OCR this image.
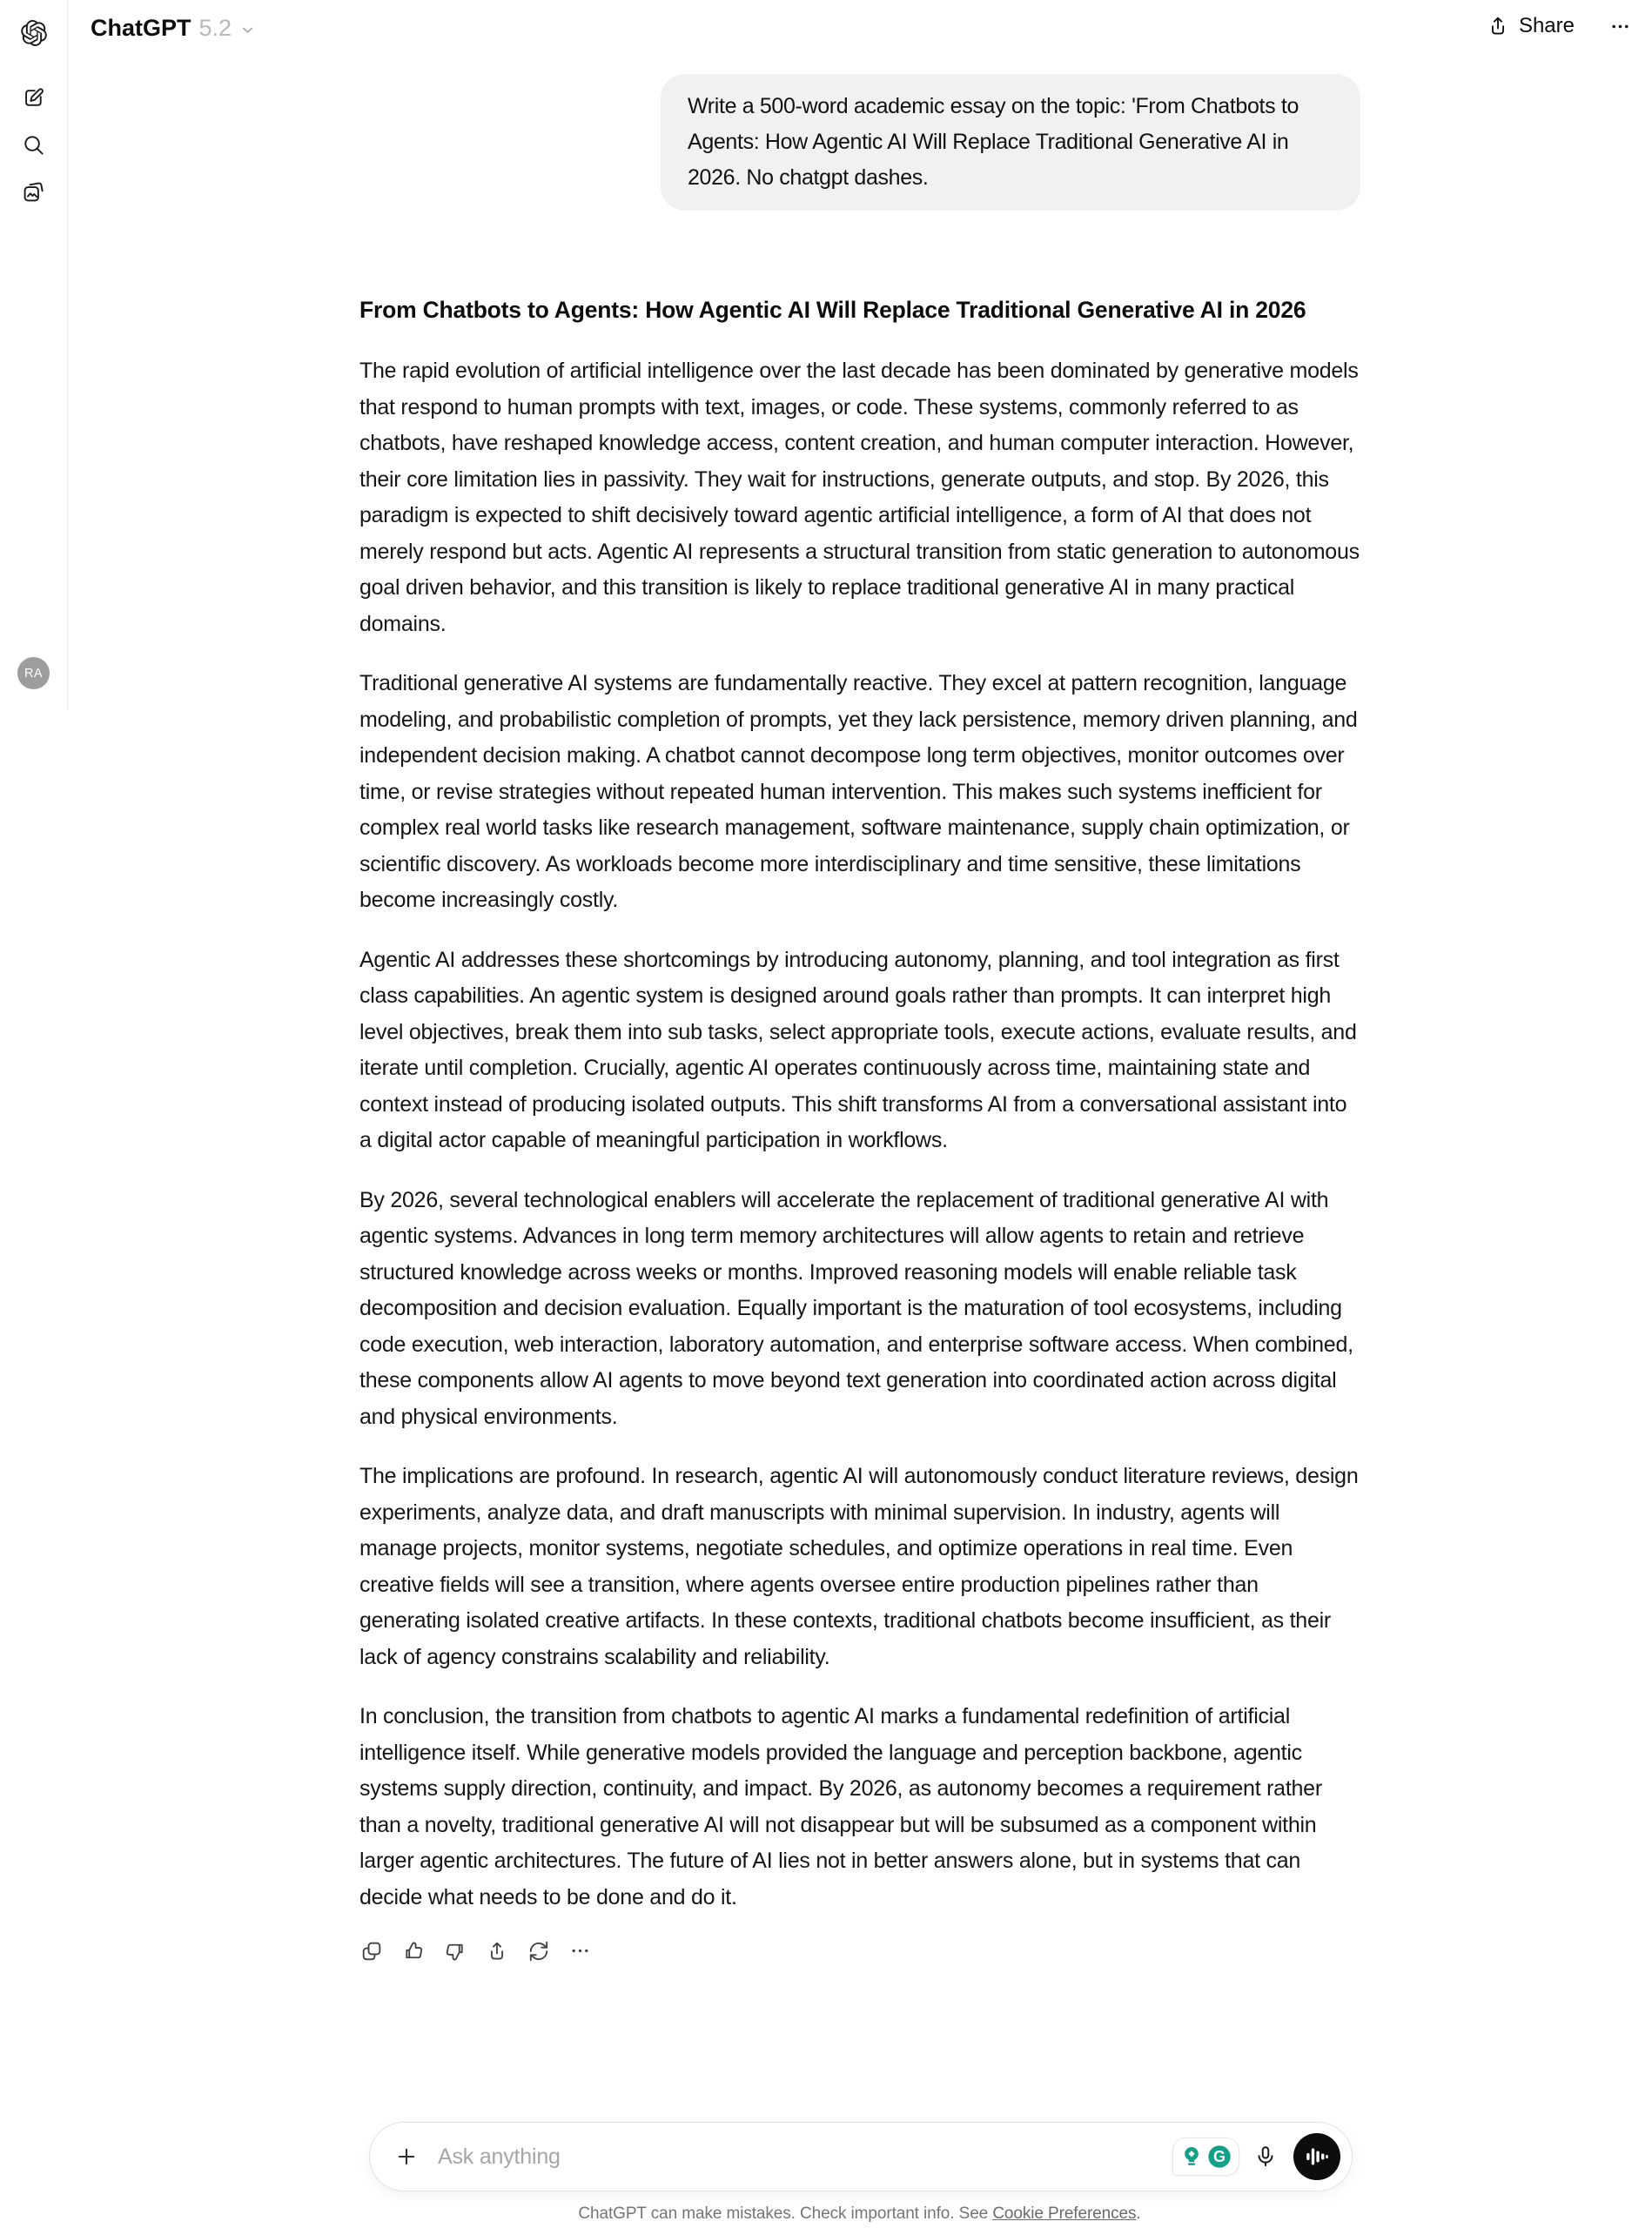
RA
ChatGPT 5.2	Share
Write a 500-word academic essay on the topic: 'From Chatbots to Agents: How Agentic AI Will Replace Traditional Generative AI in 2026. No chatgpt dashes.
From Chatbots to Agents: How Agentic AI Will Replace Traditional Generative AI in 2026

The rapid evolution of artificial intelligence over the last decade has been dominated by generative models that respond to human prompts with text, images, or code. These systems, commonly referred to as chatbots, have reshaped knowledge access, content creation, and human computer interaction. However, their core limitation lies in passivity. They wait for instructions, generate outputs, and stop. By 2026, this paradigm is expected to shift decisively toward agentic artificial intelligence, a form of AI that does not merely respond but acts. Agentic AI represents a structural transition from static generation to autonomous goal driven behavior, and this transition is likely to replace traditional generative AI in many practical domains.

Traditional generative AI systems are fundamentally reactive. They excel at pattern recognition, language modeling, and probabilistic completion of prompts, yet they lack persistence, memory driven planning, and independent decision making. A chatbot cannot decompose long term objectives, monitor outcomes over time, or revise strategies without repeated human intervention. This makes such systems inefficient for complex real world tasks like research management, software maintenance, supply chain optimization, or scientific discovery. As workloads become more interdisciplinary and time sensitive, these limitations become increasingly costly.

Agentic AI addresses these shortcomings by introducing autonomy, planning, and tool integration as first class capabilities. An agentic system is designed around goals rather than prompts. It can interpret high level objectives, break them into sub tasks, select appropriate tools, execute actions, evaluate results, and iterate until completion. Crucially, agentic AI operates continuously across time, maintaining state and context instead of producing isolated outputs. This shift transforms AI from a conversational assistant into a digital actor capable of meaningful participation in workflows.

By 2026, several technological enablers will accelerate the replacement of traditional generative AI with agentic systems. Advances in long term memory architectures will allow agents to retain and retrieve structured knowledge across weeks or months. Improved reasoning models will enable reliable task decomposition and decision evaluation. Equally important is the maturation of tool ecosystems, including code execution, web interaction, laboratory automation, and enterprise software access. When combined, these components allow AI agents to move beyond text generation into coordinated action across digital and physical environments.

The implications are profound. In research, agentic AI will autonomously conduct literature reviews, design experiments, analyze data, and draft manuscripts with minimal supervision. In industry, agents will manage projects, monitor systems, negotiate schedules, and optimize operations in real time. Even creative fields will see a transition, where agents oversee entire production pipelines rather than generating isolated creative artifacts. In these contexts, traditional chatbots become insufficient, as their lack of agency constrains scalability and reliability.

In conclusion, the transition from chatbots to agentic AI marks a fundamental redefinition of artificial intelligence itself. While generative models provided the language and perception backbone, agentic systems supply direction, continuity, and impact. By 2026, as autonomy becomes a requirement rather than a novelty, traditional generative AI will not disappear but will be subsumed as a component within larger agentic architectures. The future of AI lies not in better answers alone, but in systems that can decide what needs to be done and do it.

Ask anything
G
ChatGPT can make mistakes. Check important info. See Cookie Preferences.
